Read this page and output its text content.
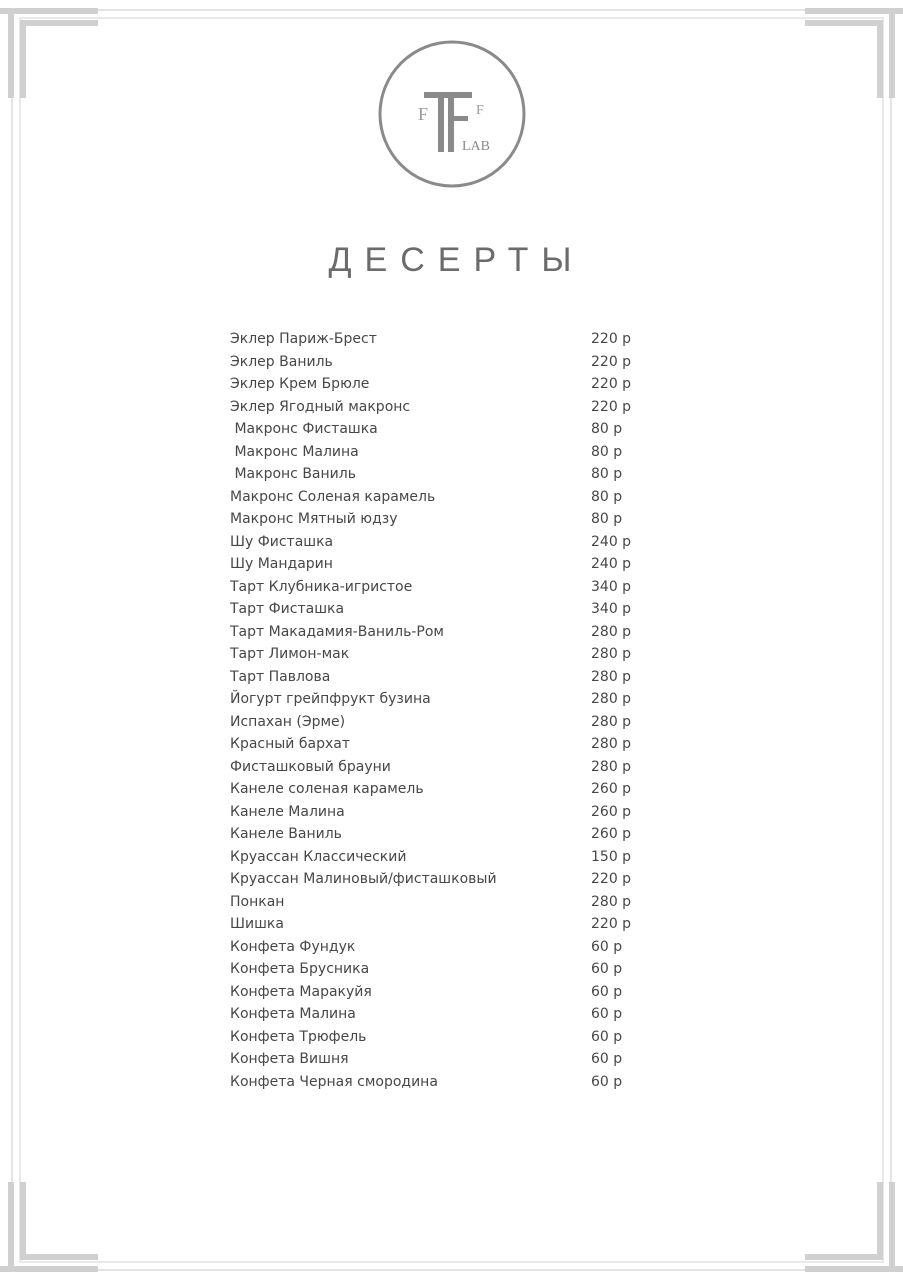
F	F
LAB
ДЕСЕРТЫ
Эклер Париж-Брест	220 р
Эклер Ваниль	220 р
Эклер Крем Брюле	220 р
Эклер Ягодный макронс	220 р
Макронс Фисташка	80 р
Макронс Малина	80 р
Макронс Ваниль	80 р
Макронс Соленая карамель	80 р
Макронс Мятный юдзу	80 р
Шу Фисташка	240 р
Шу Мандарин	240 р
Тарт Клубника-игристое	340 р
Тарт Фисташка	340 р
Тарт Макадамия-Ваниль-Ром	280 р
Тарт Лимон-мак	280 р
Тарт Павлова	280 р
Йогурт грейпфрукт бузина	280 р
Испахан (Эрме)	280 р
Красный бархат	280 р
Фисташковый брауни	280 р
Канеле соленая карамель	260 р
Канеле Малина	260 р
Канеле Ваниль	260 р
Круассан Классический	150 р
Круассан Малиновый/фисташковый	220 р
Понкан	280 р
Шишка	220 р
Конфета Фундук	60 р
Конфета Брусника	60 р
Конфета Маракуйя	60 р
Конфета Малина	60 р
Конфета Трюфель	60 р
Конфета Вишня	60 р
Конфета Черная смородина	60 р
